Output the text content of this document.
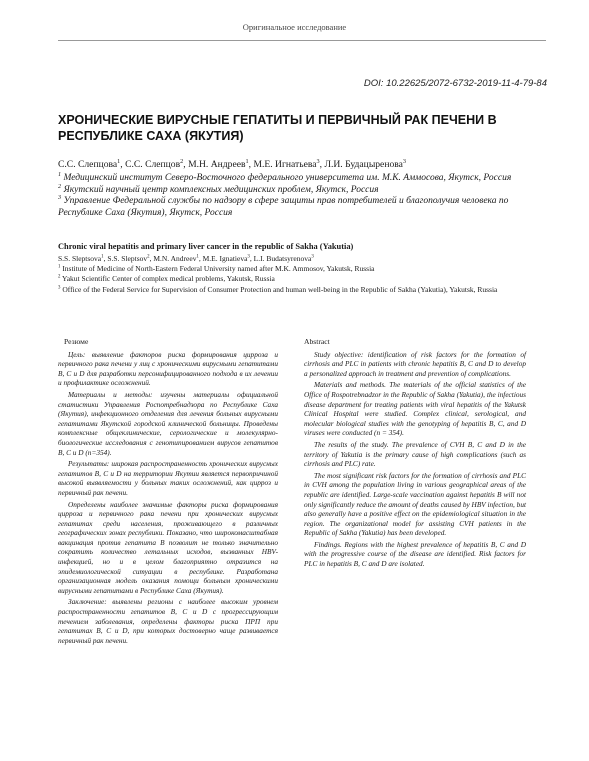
Оригинальное исследование
DOI: 10.22625/2072-6732-2019-11-4-79-84
ХРОНИЧЕСКИЕ ВИРУСНЫЕ ГЕПАТИТЫ И ПЕРВИЧНЫЙ РАК ПЕЧЕНИ В РЕСПУБЛИКЕ САХА (ЯКУТИЯ)
С.С. Слепцова$^1$, С.С. Слепцов$^2$, М.Н. Андреев$^1$, М.Е. Игнатьева$^3$, Л.И. Будацыренова$^3$

$^1$ Медицинский институт Северо-Восточного федерального университета им. М.К. Аммосова, Якутск, Россия

$^2$ Якутский научный центр комплексных медицинских проблем, Якутск, Россия

$^3$ Управление Федеральной службы по надзору в сфере защиты прав потребителей и благополучия человека по Республике Саха (Якутия), Якутск, Россия

Chronic viral hepatitis and primary liver cancer in the republic of Sakha (Yakutia)

S.S. Sleptsova$^1$, S.S. Sleptsov$^2$, M.N. Andreev$^1$, M.E. Ignatieva$^3$, L.I. Budatsyrenova$^3$

$^1$ Institute of Medicine of North-Eastern Federal University named after M.K. Ammosov, Yakutsk, Russia

$^2$ Yakut Scientific Center of complex medical problems, Yakutsk, Russia

$^3$ Office of the Federal Service for Supervision of Consumer Protection and human well-being in the Republic of Sakha (Yakutia), Yakutsk, Russia

Резюме

Цель: выявление факторов риска формирования цирроза и первичного рака печени у лиц с хроническими вирусными гепатитами B, C и D для разработки персонифицированного подхода в их лечении и профилактике осложнений.

Материалы и методы: изучены материалы официальной статистики Управления Роспотребнадзора по Республике Саха (Якутия), инфекционного отделения для лечения больных вирусными гепатитами Якутской городской клинической больницы. Проведены комплексные общеклинические, серологические и молекулярно-биологические исследования с генотипированием вирусов гепатитов B, C и D (n=354).

Результаты: широкая распространенность хронических вирусных гепатитов B, C и D на территории Якутии является первопричиной высокой выявляемости у больных таких осложнений, как цирроз и первичный рак печени.

Определены наиболее значимые факторы риска формирования цирроза и первичного рака печени при хронических вирусных гепатитах среди населения, проживающего в различных географических зонах республики. Показано, что широкомасштабная вакцинация против гепатита B позволит не только значительно сократить количество летальных исходов, вызванных HBV-инфекцией, но и в целом благоприятно отразится на эпидемиологической ситуации в республике. Разработана организационная модель оказания помощи больным хроническими вирусными гепатитами в Республике Саха (Якутия).

Заключение: выявлены регионы с наиболее высоким уровнем распространенности гепатитов B, C и D с прогрессирующим течением заболевания, определены факторы риска ПРП при гепатитах B, C и D, при которых достоверно чаще развивается первичный рак печени.

Abstract

Study objective: identification of risk factors for the formation of cirrhosis and PLC in patients with chronic hepatitis B, C and D to develop a personalized approach in treatment and prevention of complications.

Materials and methods. The materials of the official statistics of the Office of Rospotrebnadzor in the Republic of Sakha (Yakutia), the infectious disease department for treating patients with viral hepatitis of the Yakutsk Clinical Hospital were studied. Complex clinical, serological, and molecular biological studies with the genotyping of hepatitis B, C, and D viruses were conducted (n = 354).

The results of the study. The prevalence of CVH B, C and D in the territory of Yakutia is the primary cause of high complications (such as cirrhosis and PLC) rate.

The most significant risk factors for the formation of cirrhosis and PLC in CVH among the population living in various geographical areas of the republic are identified. Large-scale vaccination against hepatitis B will not only significantly reduce the amount of deaths caused by HBV infection, but also generally have a positive effect on the epidemiological situation in the region. The organizational model for assisting CVH patients in the Republic of Sakha (Yakutia) has been developed.

Findings. Regions with the highest prevalence of hepatitis B, C and D with the progressive course of the disease are identified. Risk factors for PLC in hepatitis B, C and D are isolated.
